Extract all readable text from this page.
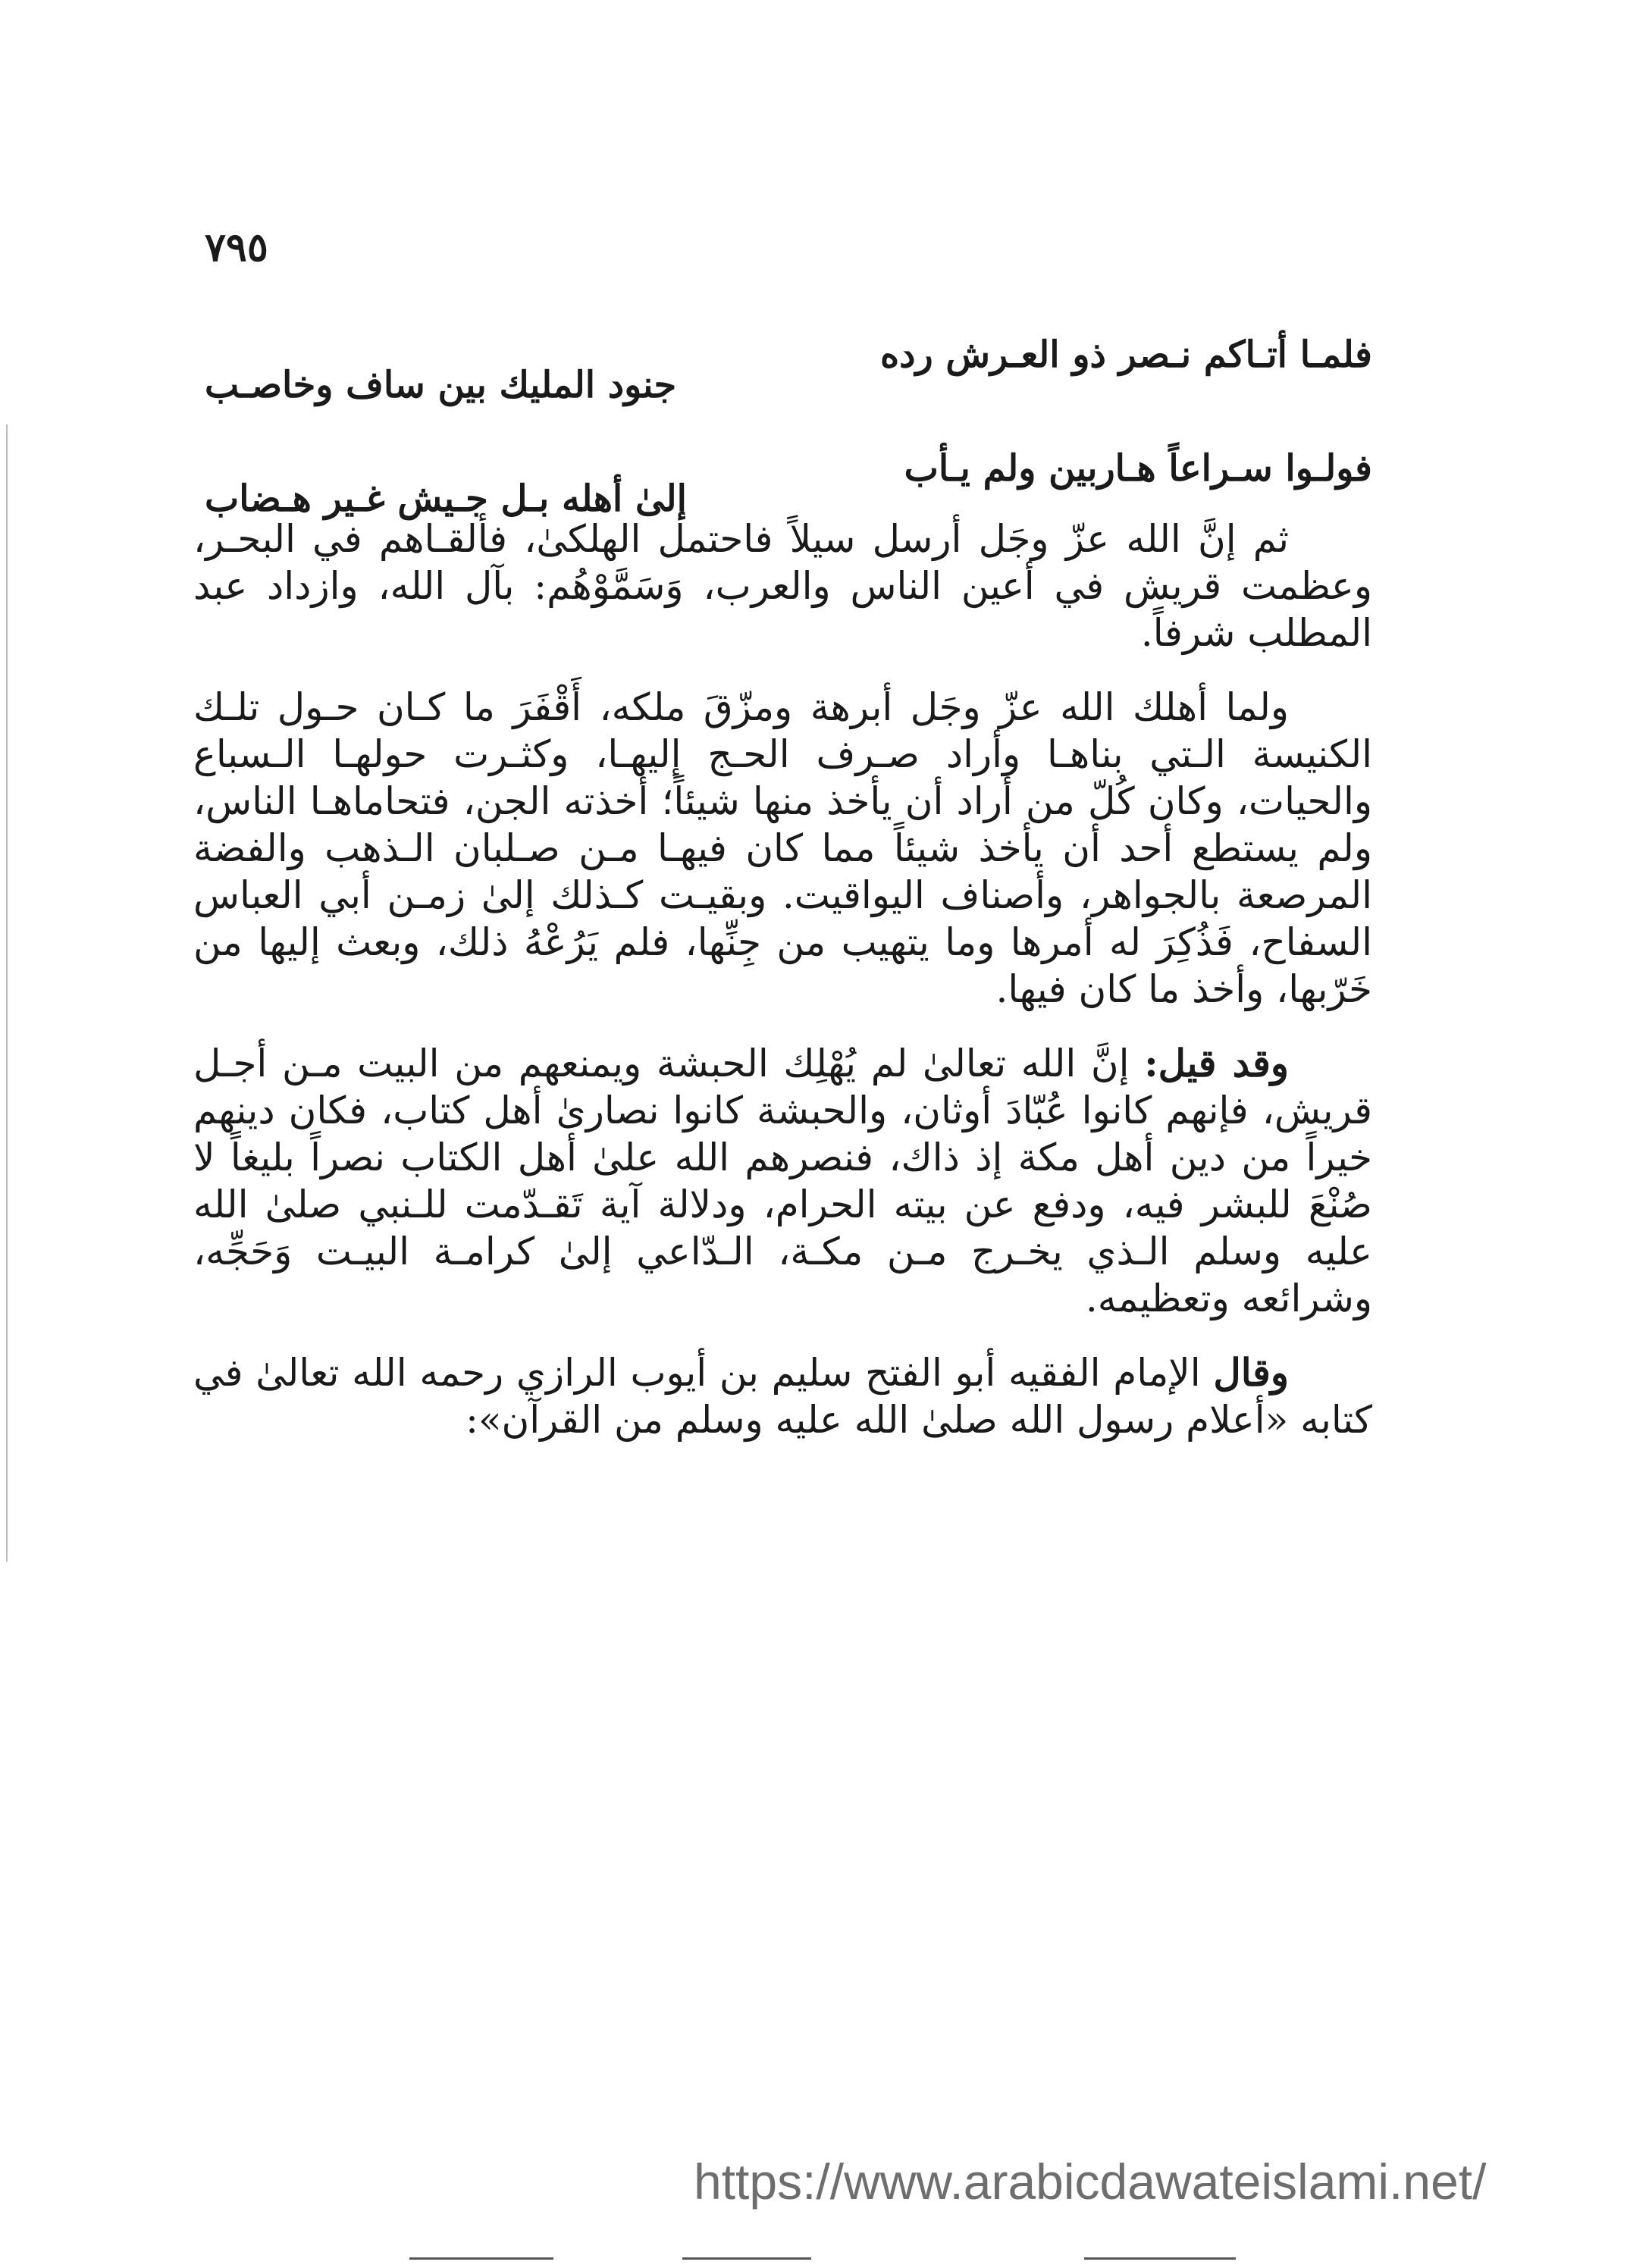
٧٩٥
فلمـا أتـاكم نـصر ذو العـرش رده
جنود المليك بين ساف وخاصـب
فولـوا سـراعاً هـاربين ولم يـأب
إلىٰ أهله بـل جـيش غـير هـضاب

ثم إنَّ الله عزّ وجَل أرسل سيلاً فاحتمل الهلكىٰ، فألقـاهم في البحـر، وعظمت قريش في أعين الناس والعرب، وَسَمَّوْهُم: بآل الله، وازداد عبد المطلب شرفاً.

ولما أهلك الله عزّ وجَل أبرهة ومزّقَ ملكه، أَقْفَرَ ما كـان حـول تلـك الكنيسة الـتي بناهـا وأراد صـرف الحـج إليهـا، وكثـرت حولهـا الـسباع والحيات، وكان كُلّ من أراد أن يأخذ منها شيئاً؛ أخذته الجن، فتحاماهـا الناس، ولم يستطع أحد أن يأخذ شيئاً مما كان فيهـا مـن صـلبان الـذهب والفضة المرصعة بالجواهر، وأصناف اليواقيت. وبقيـت كـذلك إلىٰ زمـن أبي العباس السفاح، فَذُكِرَ له أمرها وما يتهيب من جِنِّها، فلم يَرُعْهُ ذلك، وبعث إليها من خَرّبها، وأخذ ما كان فيها.

وقد قيل: إنَّ الله تعالىٰ لم يُهْلِك الحبشة ويمنعهم من البيت مـن أجـل قريش، فإنهم كانوا عُبّادَ أوثان، والحبشة كانوا نصارىٰ أهل كتاب، فكان دينهم خيراً من دين أهل مكة إذ ذاك، فنصرهم الله علىٰ أهل الكتاب نصراً بليغاً لا صُنْعَ للبشر فيه، ودفع عن بيته الحرام، ودلالة آية تَقـدّمت للـنبي صلىٰ الله عليه وسلم الـذي يخـرج مـن مكـة، الـدّاعي إلىٰ كرامـة البيـت وَحَجِّه، وشرائعه وتعظيمه.

وقال الإمام الفقيه أبو الفتح سليم بن أيوب الرازي رحمه الله تعالىٰ في كتابه «أعلام رسول الله صلىٰ الله عليه وسلم من القرآن»:

https://www.arabicdawateislami.net/
